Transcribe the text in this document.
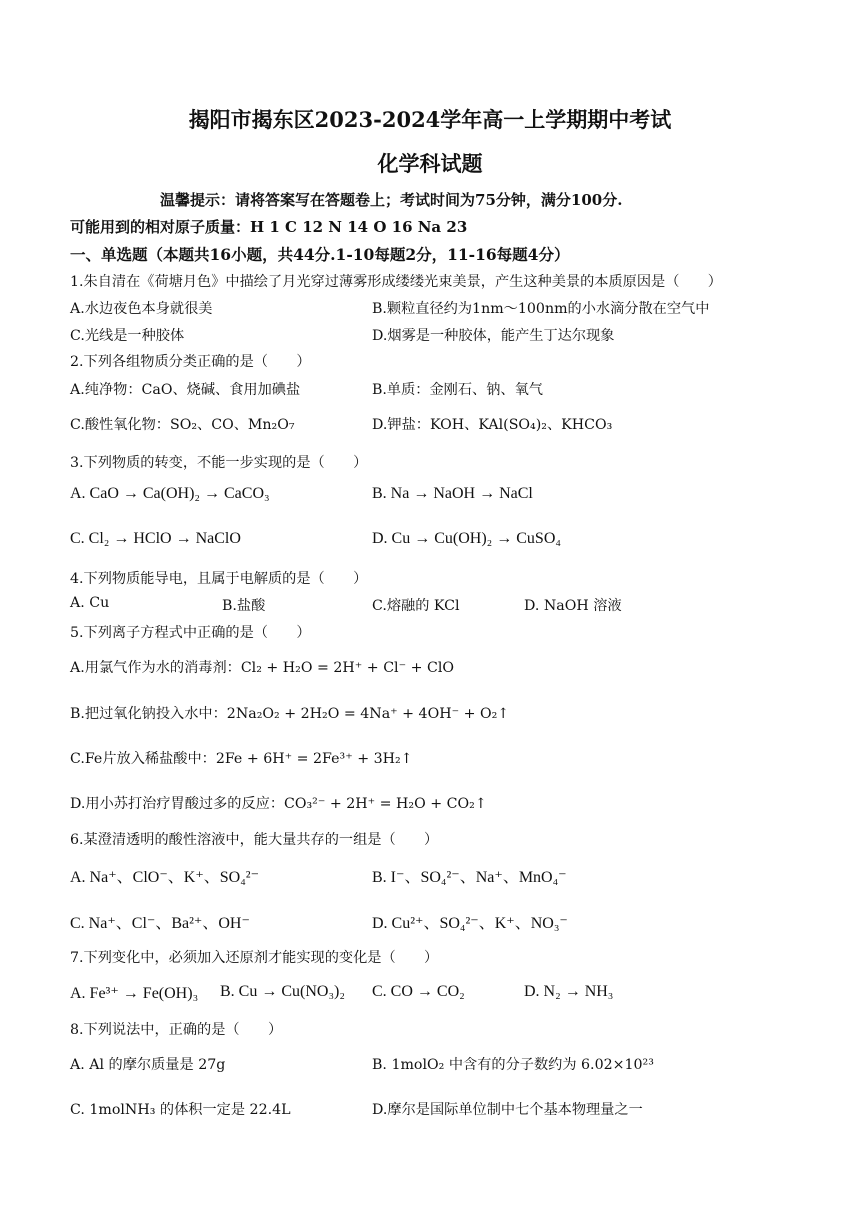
揭阳市揭东区2023-2024学年高一上学期期中考试
化学科试题
温馨提示：请将答案写在答题卷上；考试时间为75分钟，满分100分.
可能用到的相对原子质量：H 1 C 12 N 14 O 16 Na 23
一、单选题（本题共16小题，共44分.1-10每题2分，11-16每题4分）
1.朱自清在《荷塘月色》中描绘了月光穿过薄雾形成缕缕光束美景，产生这种美景的本质原因是（　　）
A.水边夜色本身就很美	B.颗粒直径约为1nm～100nm的小水滴分散在空气中
C.光线是一种胶体	D.烟雾是一种胶体，能产生丁达尔现象
2.下列各组物质分类正确的是（　　）
A.纯净物：CaO、烧碱、食用加碘盐	B.单质：金刚石、钠、氧气
C.酸性氧化物：SO₂、CO、Mn₂O₇	D.钾盐：KOH、KAl(SO₄)₂、KHCO₃
3.下列物质的转变，不能一步实现的是（　　）
A. CaO → Ca(OH)₂ → CaCO₃	B. Na → NaOH → NaCl
C. Cl₂ → HClO → NaClO	D. Cu → Cu(OH)₂ → CuSO₄
4.下列物质能导电，且属于电解质的是（　　）
A. Cu	B.盐酸	C.熔融的 KCl	D. NaOH 溶液
5.下列离子方程式中正确的是（　　）
A.用氯气作为水的消毒剂：Cl₂ + H₂O = 2H⁺ + Cl⁻ + ClO
B.把过氧化钠投入水中：2Na₂O₂ + 2H₂O = 4Na⁺ + 4OH⁻ + O₂↑
C.Fe片放入稀盐酸中：2Fe + 6H⁺ = 2Fe³⁺ + 3H₂↑
D.用小苏打治疗胃酸过多的反应：CO₃²⁻ + 2H⁺ = H₂O + CO₂↑
6.某澄清透明的酸性溶液中，能大量共存的一组是（　　）
A. Na⁺、ClO⁻、K⁺、SO₄²⁻	B. I⁻、SO₄²⁻、Na⁺、MnO₄⁻
C. Na⁺、Cl⁻、Ba²⁺、OH⁻	D. Cu²⁺、SO₄²⁻、K⁺、NO₃⁻
7.下列变化中，必须加入还原剂才能实现的变化是（　　）
A. Fe³⁺ → Fe(OH)₃ B. Cu → Cu(NO₃)₂ C. CO → CO₂	D. N₂ → NH₃
8.下列说法中，正确的是（　　）
A. Al 的摩尔质量是 27g	B. 1molO₂ 中含有的分子数约为 6.02×10²³
C. 1molNH₃ 的体积一定是 22.4L	D.摩尔是国际单位制中七个基本物理量之一
